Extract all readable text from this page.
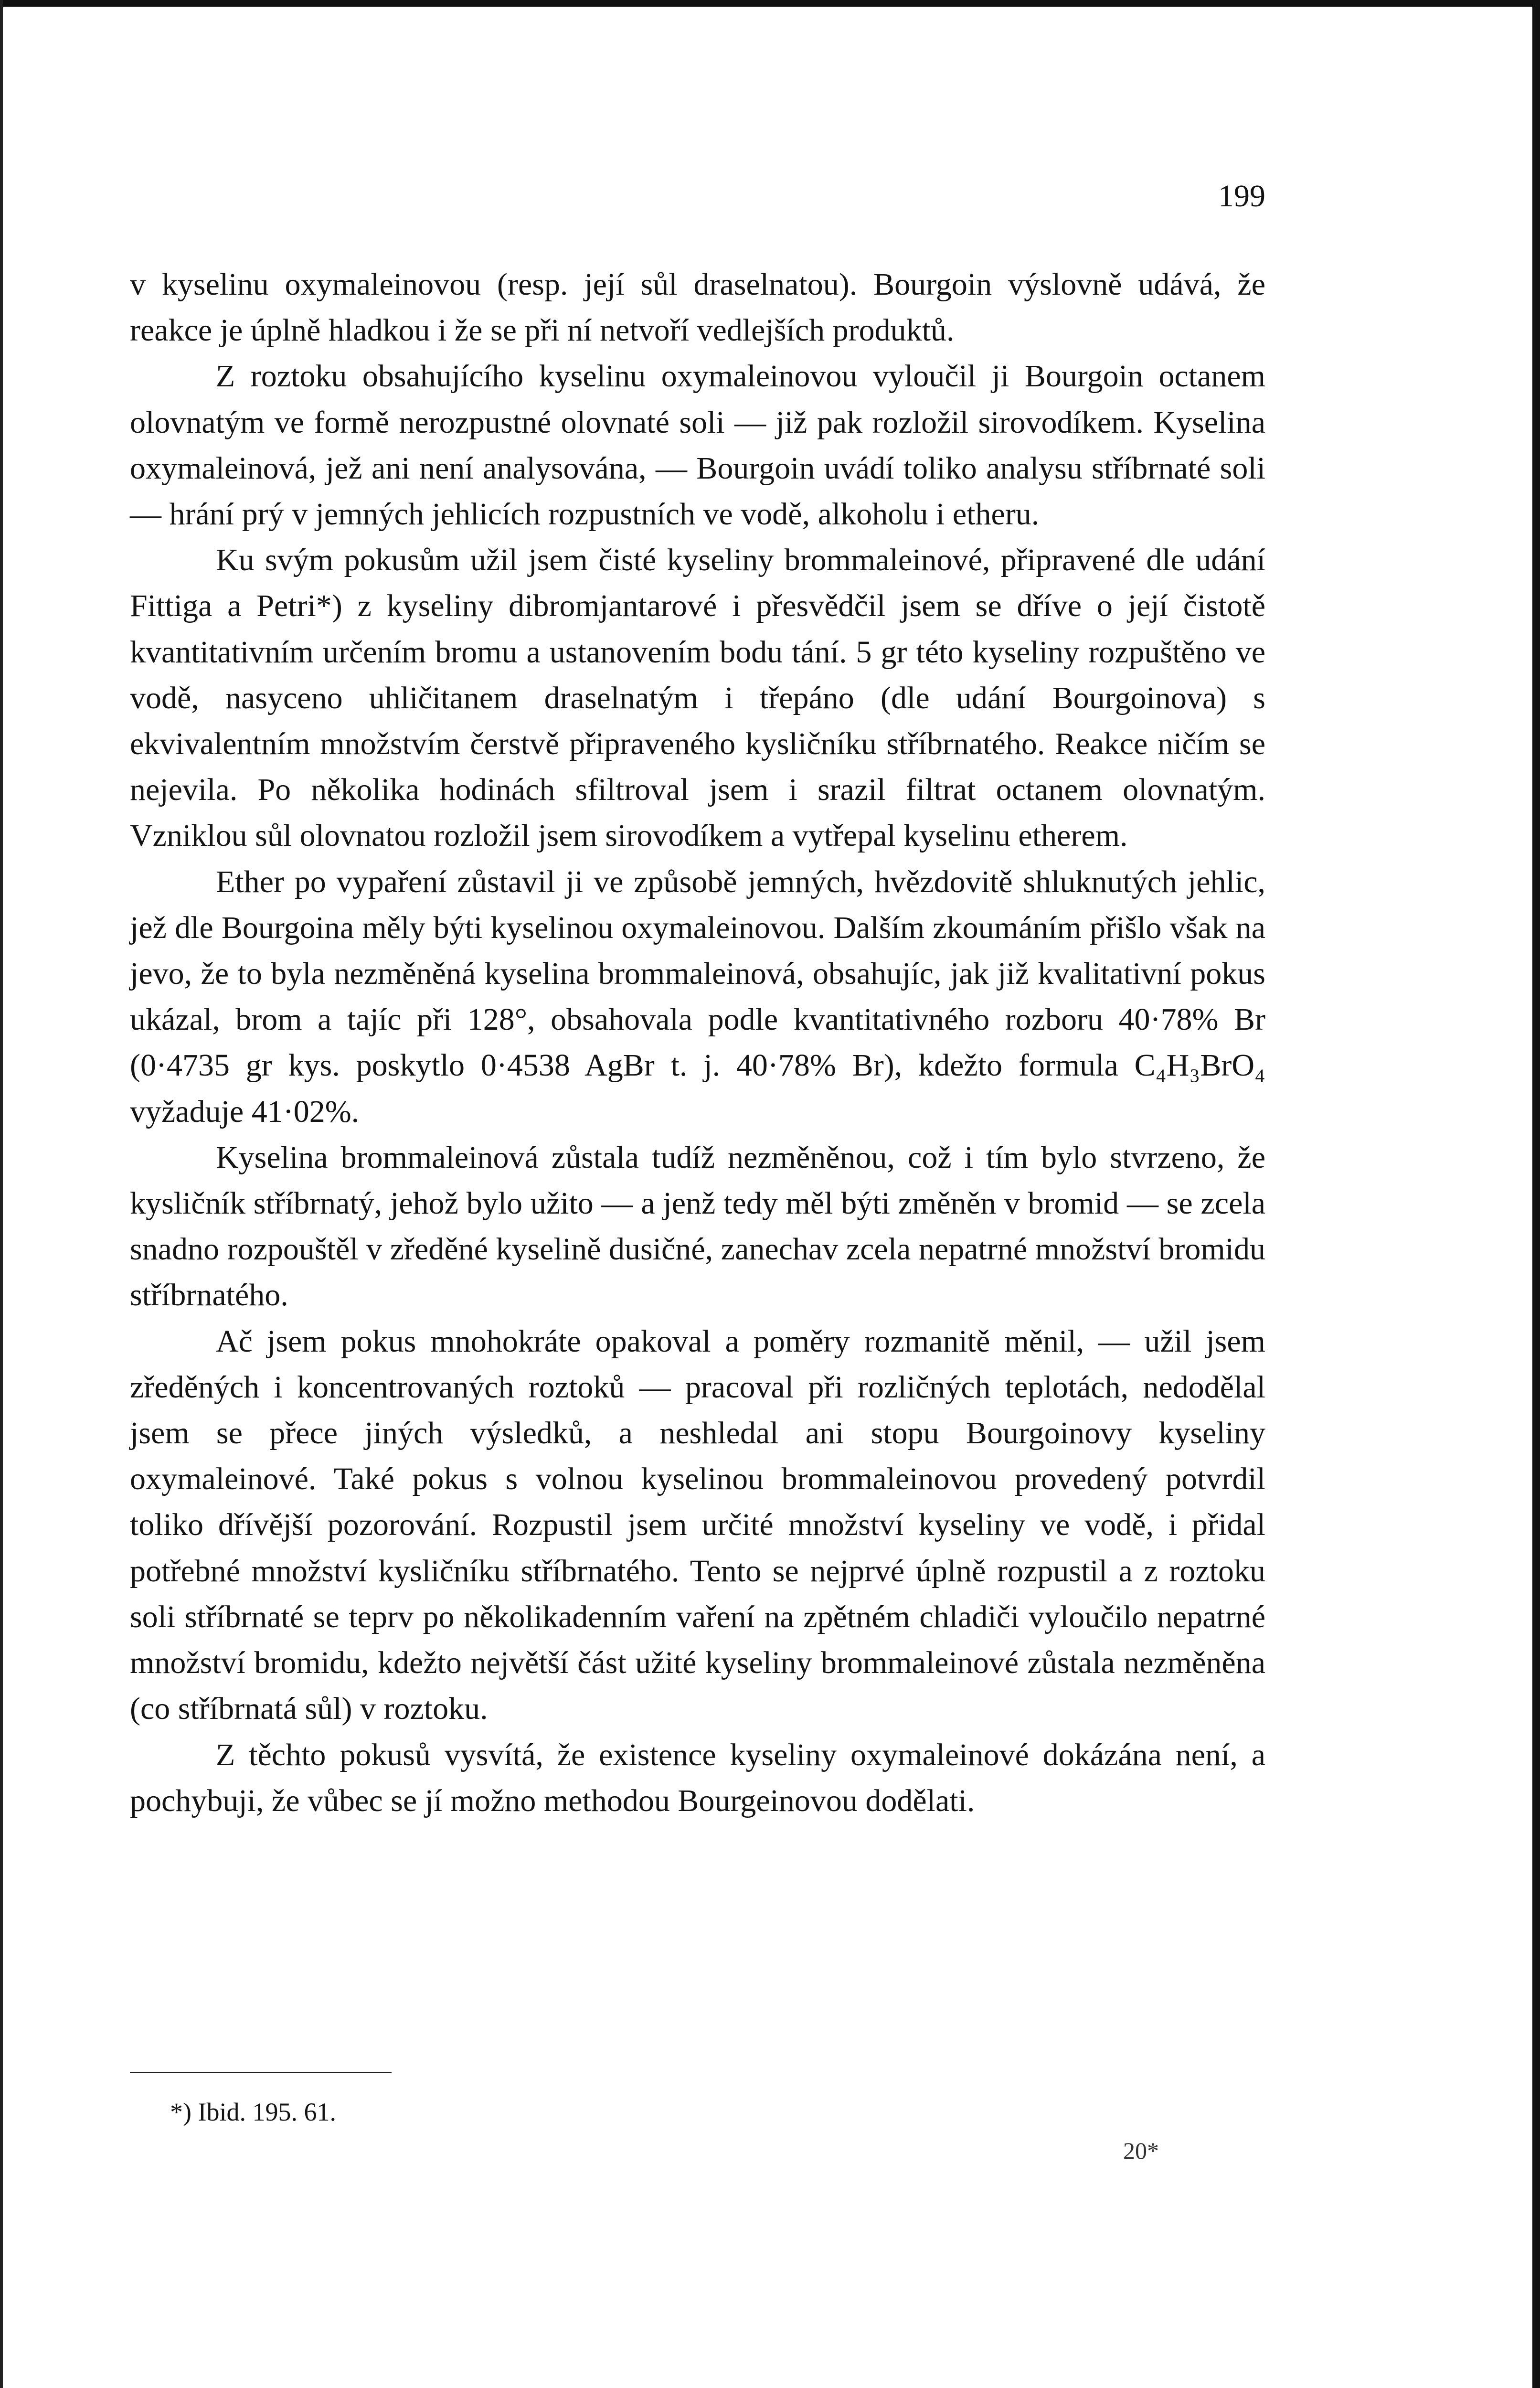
199

v kyselinu oxymaleinovou (resp. její sůl draselnatou). Bourgoin výslovně udává, že reakce je úplně hladkou i že se při ní netvoří vedlejších produktů.

Z roztoku obsahujícího kyselinu oxymaleinovou vyloučil ji Bourgoin octanem olovnatým ve formě nerozpustné olovnaté soli — již pak rozložil sirovodíkem. Kyselina oxymaleinová, jež ani není analysována, — Bourgoin uvádí toliko analysu stříbrnaté soli — hrání prý v jemných jehlicích rozpustních ve vodě, alkoholu i etheru.

Ku svým pokusům užil jsem čisté kyseliny brommaleinové, připravené dle udání Fittiga a Petri*) z kyseliny dibromjantarové i přesvědčil jsem se dříve o její čistotě kvantitativním určením bromu a ustanovením bodu tání. 5 gr této kyseliny rozpuštěno ve vodě, nasyceno uhličitanem draselnatým i třepáno (dle udání Bourgoinova) s ekvivalentním množstvím čerstvě připraveného kysličníku stříbrnatého. Reakce ničím se nejevila. Po několika hodinách sfiltroval jsem i srazil filtrat octanem olovnatým. Vzniklou sůl olovnatou rozložil jsem sirovodíkem a vytřepal kyselinu etherem.

Ether po vypaření zůstavil ji ve způsobě jemných, hvězdovitě shluknutých jehlic, jež dle Bourgoina měly býti kyselinou oxymaleinovou. Dalším zkoumáním přišlo však na jevo, že to byla nezměněná kyselina brommaleinová, obsahujíc, jak již kvalitativní pokus ukázal, brom a tajíc při 128°, obsahovala podle kvantitativného rozboru 40·78% Br (0·4735 gr kys. poskytlo 0·4538 AgBr t. j. 40·78% Br), kdežto formula C₄H₃BrO₄ vyžaduje 41·02%.

Kyselina brommaleinová zůstala tudíž nezměněnou, což i tím bylo stvrzeno, že kysličník stříbrnatý, jehož bylo užito — a jenž tedy měl býti změněn v bromid — se zcela snadno rozpouštěl v zředěné kyselině dusičné, zanechav zcela nepatrné množství bromidu stříbrnatého.

Ač jsem pokus mnohokráte opakoval a poměry rozmanitě měnil, — užil jsem zředěných i koncentrovaných roztoků — pracoval při rozličných teplotách, nedodělal jsem se přece jiných výsledků, a neshledal ani stopu Bourgoinovy kyseliny oxymaleinové. Také pokus s volnou kyselinou brommaleinovou provedený potvrdil toliko dřívější pozorování. Rozpustil jsem určité množství kyseliny ve vodě, i přidal potřebné množství kysličníku stříbrnatého. Tento se nejprvé úplně rozpustil a z roztoku soli stříbrnaté se teprv po několikadenním vaření na zpětném chladiči vyloučilo nepatrné množství bromidu, kdežto největší část užité kyseliny brommaleinové zůstala nezměněna (co stříbrnatá sůl) v roztoku.

Z těchto pokusů vysvítá, že existence kyseliny oxymaleinové dokázána není, a pochybuji, že vůbec se jí možno methodou Bourgeinovou dodělati.

*) Ibid. 195. 61.
20*
